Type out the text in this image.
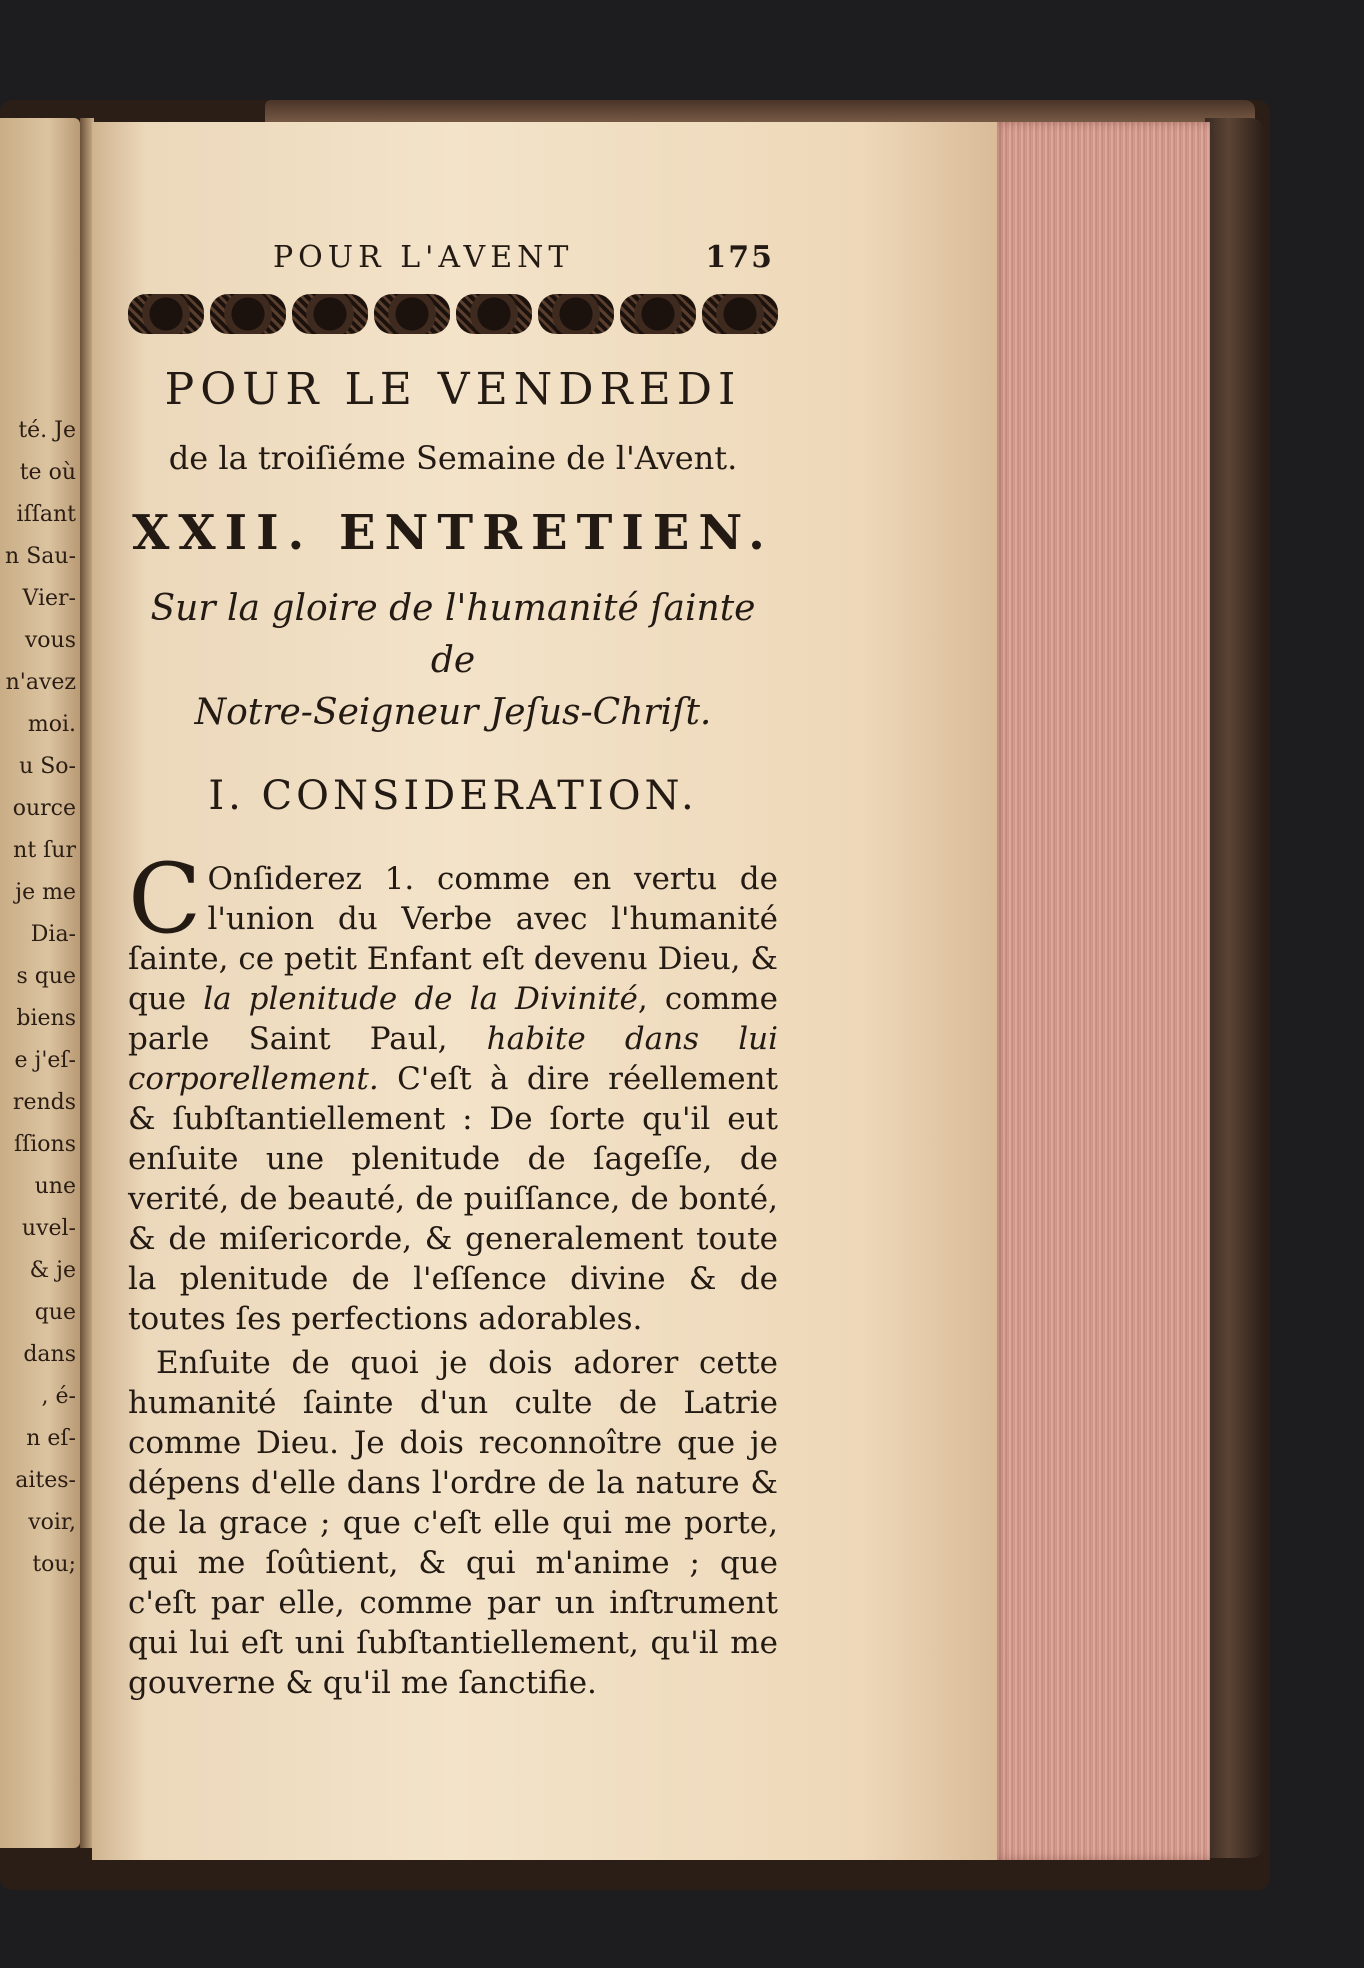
té. Je
te où
iſſant
n Sau-
Vier-
vous
n'avez
moi.
u So-
ource
nt ſur
je me
Dia-
s que
biens
e j'eſ-
rends
ſſions
une
uvel-
& je
que
dans
, é-
n eſ-
aites-
voir,
tou;
POUR L'AVENT	175
POUR LE VENDREDI
de la troiſiéme Semaine de l'Avent.
XXII. ENTRETIEN.
Sur la gloire de l'humanité ſainte de
Notre-Seigneur Jeſus-Chriſt.
I. CONSIDERATION.

C Onſiderez 1. comme en vertu de l'union du Verbe avec l'humanité ſainte, ce petit Enfant eſt devenu Dieu, & que la plenitude de la Divinité, comme parle Saint Paul, habite dans lui corporellement. C'eſt à dire réellement & ſubſtantiellement : De ſorte qu'il eut enſuite une plenitude de ſageſſe, de verité, de beauté, de puiſſance, de bonté, & de miſericorde, & generalement toute la plenitude de l'eſſence divine & de toutes ſes perfections adorables.

Enſuite de quoi je dois adorer cette humanité ſainte d'un culte de Latrie comme Dieu. Je dois reconnoître que je dépens d'elle dans l'ordre de la nature & de la grace ; que c'eſt elle qui me porte, qui me ſoûtient, & qui m'anime ; que c'eſt par elle, comme par un inſtrument qui lui eſt uni ſubſtantiellement, qu'il me gouverne & qu'il me ſanctifie.
